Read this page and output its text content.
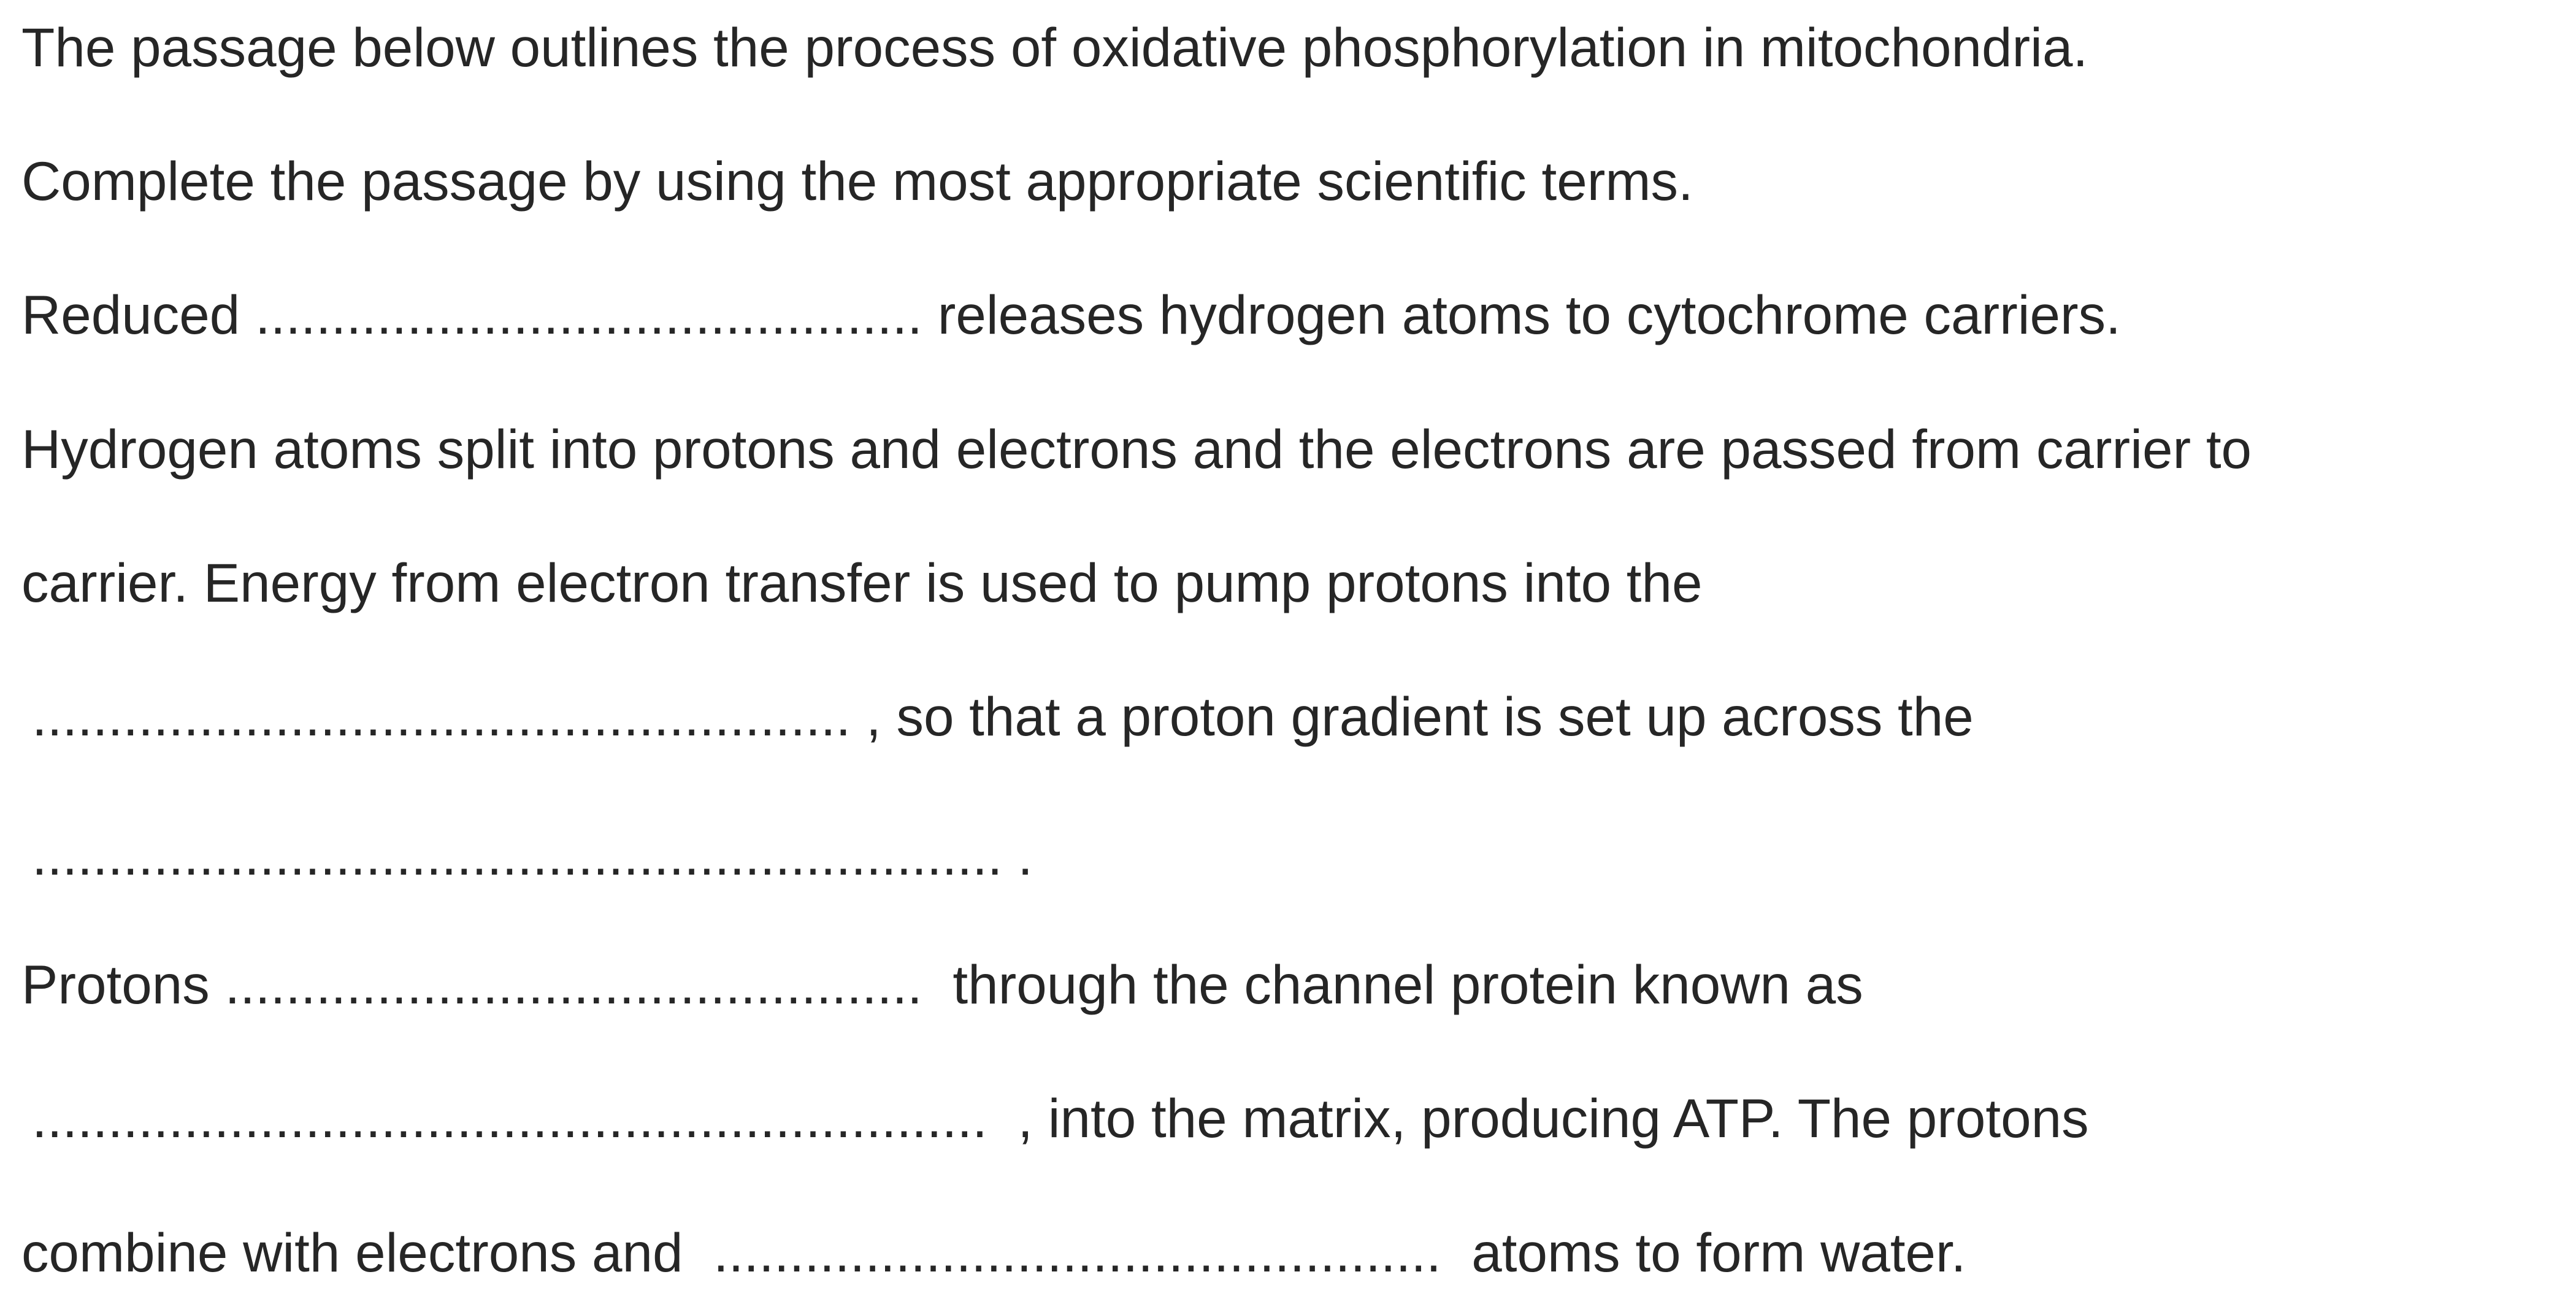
The passage below outlines the process of oxidative phosphorylation in mitochondria.
Complete the passage by using the most appropriate scientific terms.
Reduced ............................................ releases hydrogen atoms to cytochrome carriers.
Hydrogen atoms split into protons and electrons and the electrons are passed from carrier to
carrier. Energy from electron transfer is used to pump protons into the
...................................................... , so that a proton gradient is set up across the
................................................................ .
Protons ..............................................  through the channel protein known as
...............................................................  , into the matrix, producing ATP. The protons
combine with electrons and  ................................................  atoms to form water.
